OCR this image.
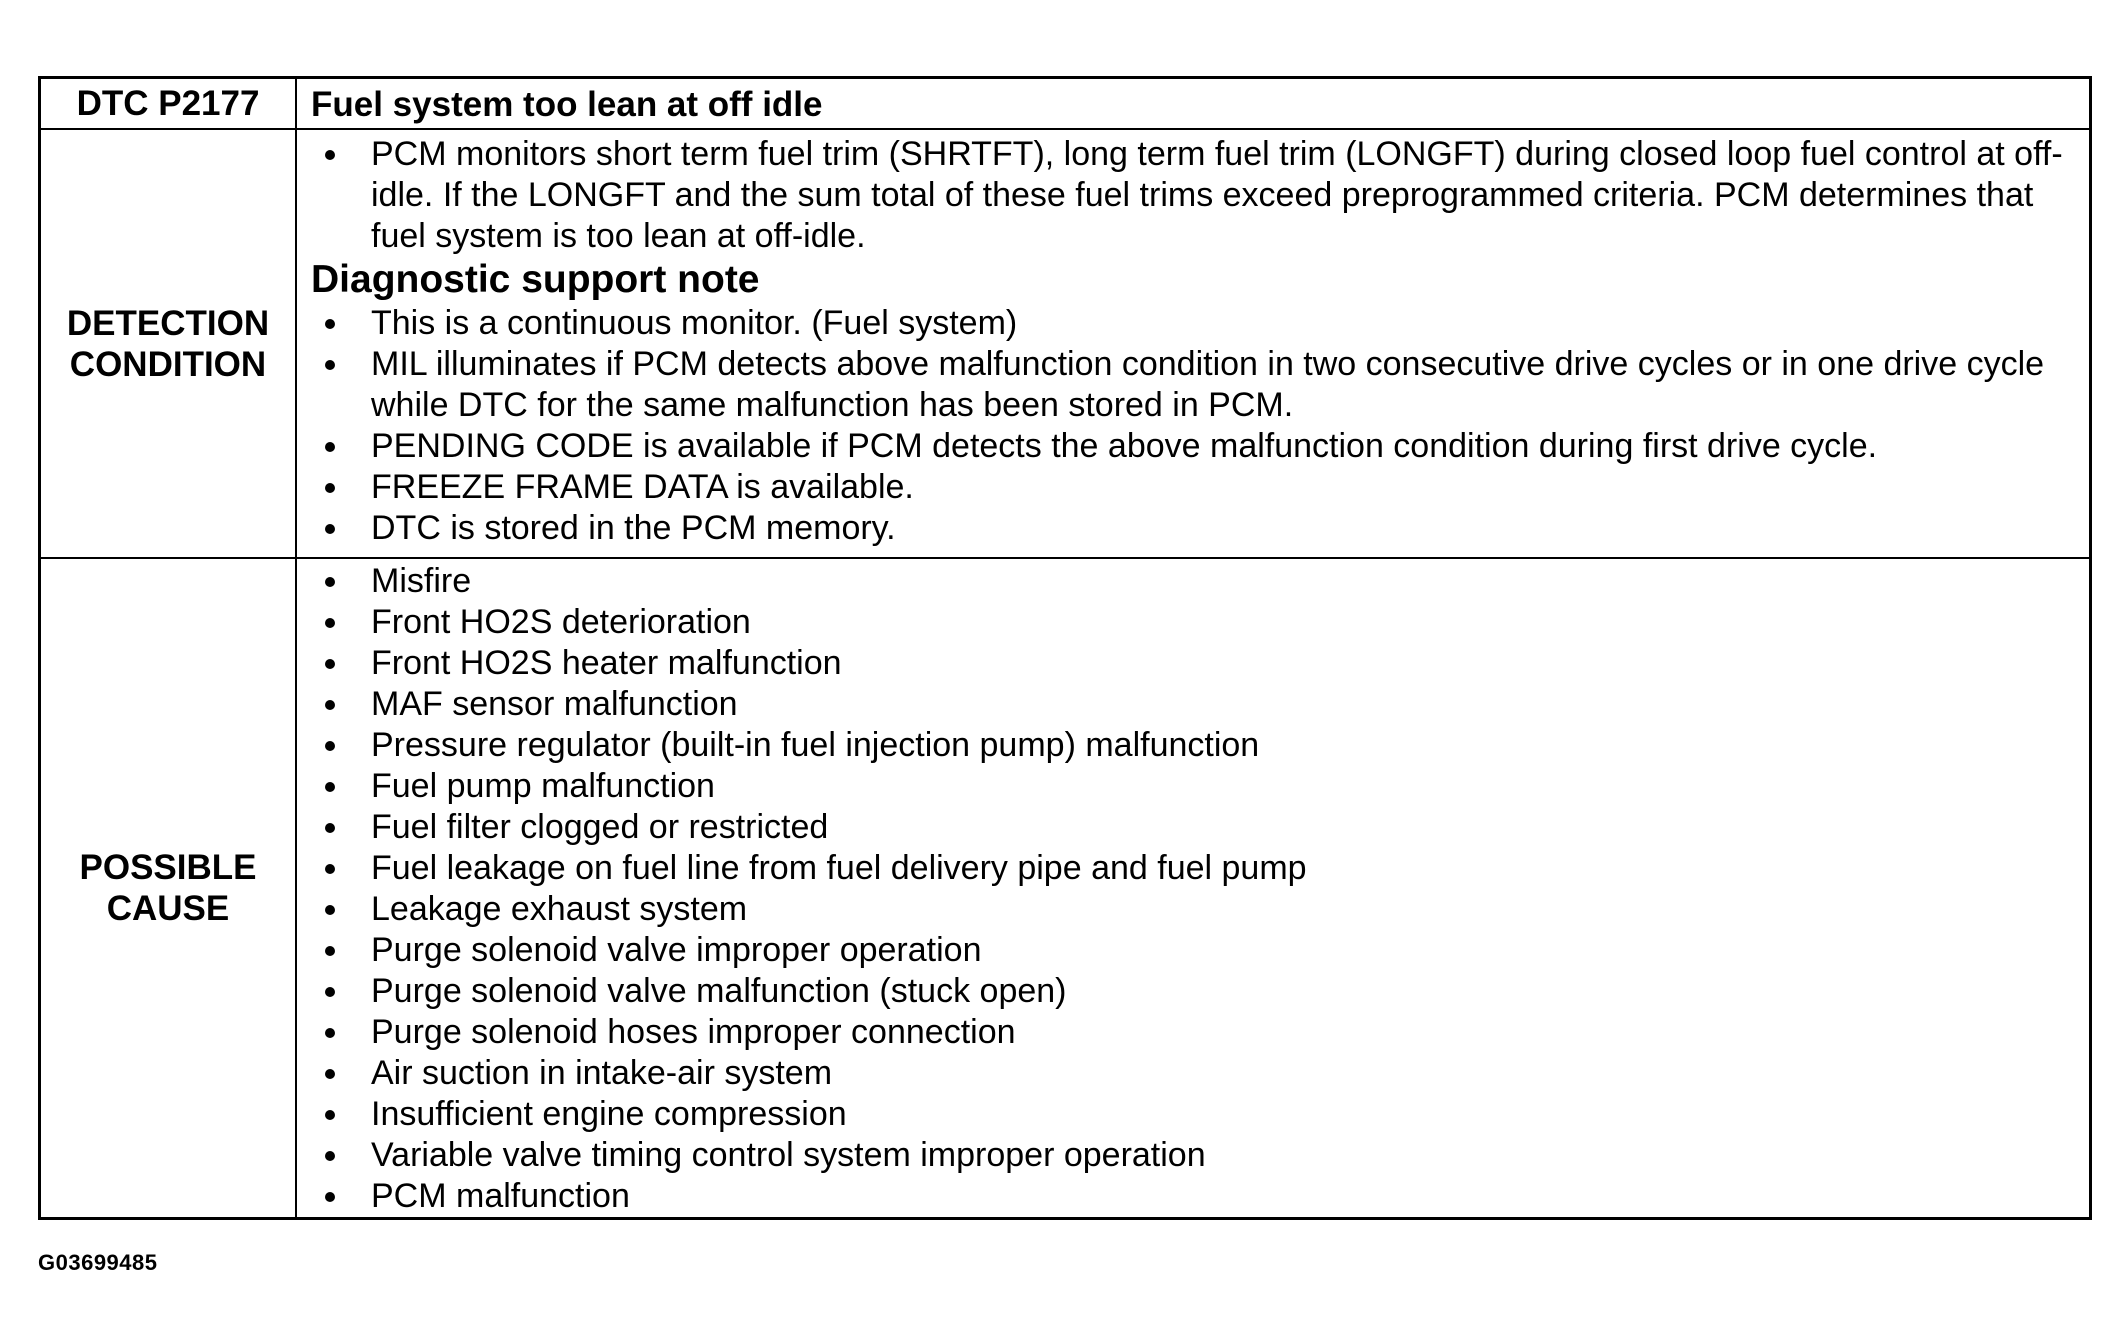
DTC P2177 Fuel system too lean at off idle
DETECTION
CONDITION
PCM monitors short term fuel trim (SHRTFT), long term fuel trim (LONGFT) during closed loop fuel control at off-idle. If the LONGFT and the sum total of these fuel trims exceed preprogrammed criteria. PCM determines that fuel system is too lean at off-idle.
Diagnostic support note
This is a continuous monitor. (Fuel system)
MIL illuminates if PCM detects above malfunction condition in two consecutive drive cycles or in one drive cycle while DTC for the same malfunction has been stored in PCM.
PENDING CODE is available if PCM detects the above malfunction condition during first drive cycle.
FREEZE FRAME DATA is available.
DTC is stored in the PCM memory.
POSSIBLE
CAUSE
Misfire
Front HO2S deterioration
Front HO2S heater malfunction
MAF sensor malfunction
Pressure regulator (built-in fuel injection pump) malfunction
Fuel pump malfunction
Fuel filter clogged or restricted
Fuel leakage on fuel line from fuel delivery pipe and fuel pump
Leakage exhaust system
Purge solenoid valve improper operation
Purge solenoid valve malfunction (stuck open)
Purge solenoid hoses improper connection
Air suction in intake-air system
Insufficient engine compression
Variable valve timing control system improper operation
PCM malfunction
G03699485
